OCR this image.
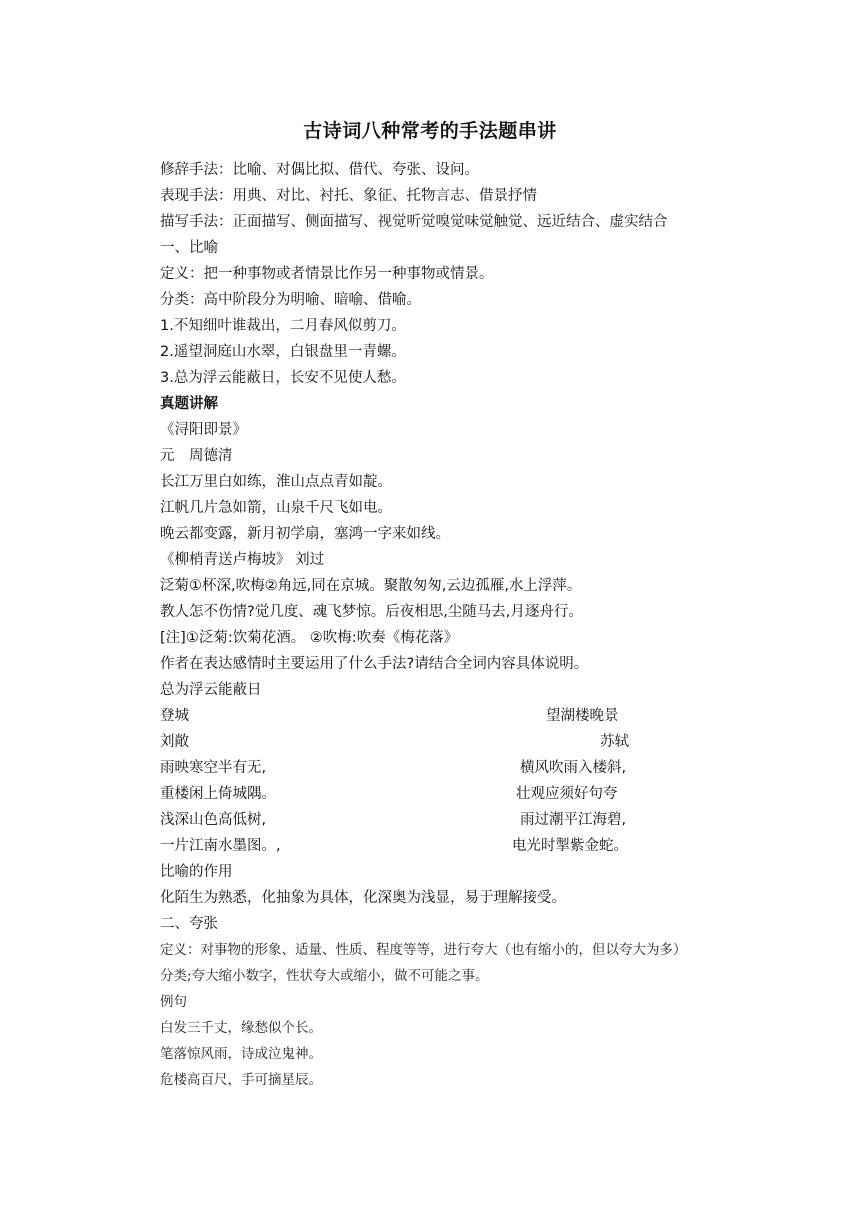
古诗词八种常考的手法题串讲
修辞手法：比喻、对偶比拟、借代、夸张、设问。
表现手法：用典、对比、衬托、象征、托物言志、借景抒情
描写手法：正面描写、侧面描写、视觉听觉嗅觉味觉触觉、远近结合、虚实结合
一、比喻
定义：把一种事物或者情景比作另一种事物或情景。
分类：高中阶段分为明喻、暗喻、借喻。
1.不知细叶谁裁出，二月春风似剪刀。
2.遥望洞庭山水翠，白银盘里一青螺。
3.总为浮云能蔽日，长安不见使人愁。
真题讲解
《浔阳即景》
元　周德清
长江万里白如练，淮山点点青如靛。
江帆几片急如箭，山泉千尺飞如电。
晚云都变露，新月初学扇，塞鸿一字来如线。
《柳梢青送卢梅坡》 刘过
泛菊①杯深,吹梅②角远,同在京城。聚散匆匆,云边孤雁,水上浮萍。
教人怎不伤情?觉几度、魂飞梦惊。后夜相思,尘随马去,月逐舟行。
[注]①泛菊:饮菊花酒。 ②吹梅:吹奏《梅花落》
作者在表达感情时主要运用了什么手法?请结合全词内容具体说明。
总为浮云能蔽日
登城	望湖楼晚景
刘敞	苏轼
雨映寒空半有无,	横风吹雨入楼斜,
重楼闲上倚城隅。	壮观应须好句夸
浅深山色高低树,	雨过潮平江海碧,
一片江南水墨图。,	电光时掣紫金蛇。
比喻的作用
化陌生为熟悉，化抽象为具体，化深奥为浅显，易于理解接受。
二、夸张
定义：对事物的形象、适量、性质、程度等等，进行夸大（也有缩小的，但以夸大为多）
分类;夸大缩小数字，性状夸大或缩小，做不可能之事。
例句
白发三千丈，缘愁似个长。
笔落惊风雨，诗成泣鬼神。
危楼高百尺，手可摘星辰。
